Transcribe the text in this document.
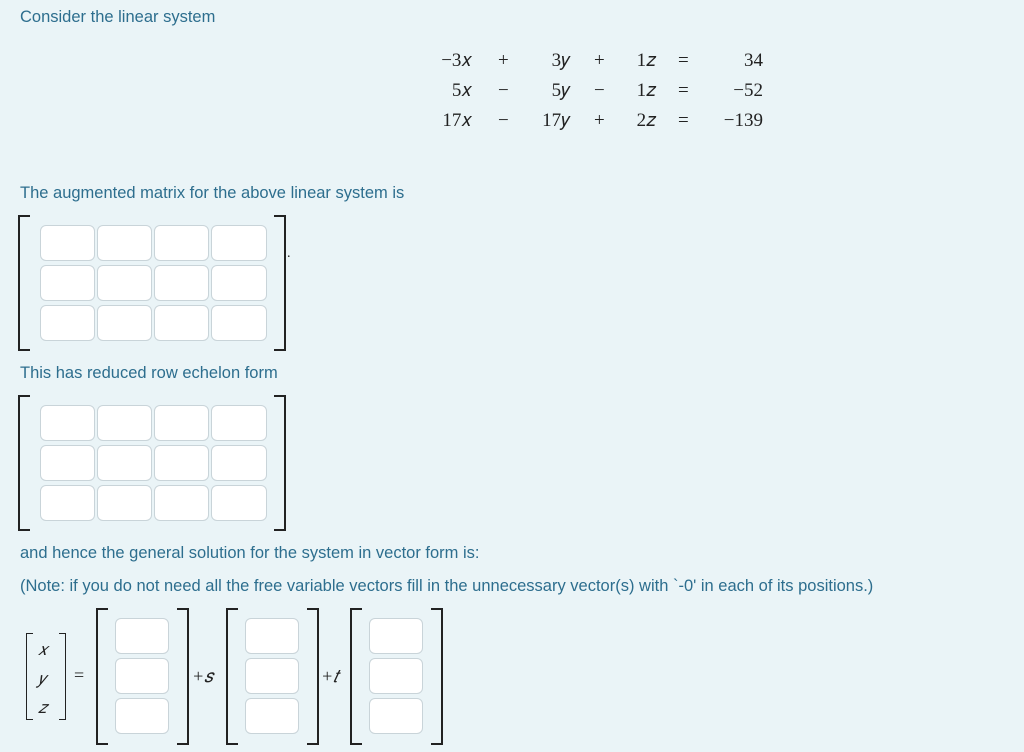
Consider the linear system
−3𝑥 + 3𝑦 + 1𝑧 =	34
5𝑥 − 5𝑦 − 1𝑧 = −52
17𝑥 − 17𝑦 + 2𝑧 = −139
The augmented matrix for the above linear system is
.
This has reduced row echelon form
and hence the general solution for the system in vector form is:
(Note: if you do not need all the free variable vectors fill in the unnecessary vector(s) with `-0' in each of its positions.)
𝑥
𝑦
𝑧
=	+𝑠	+𝑡
